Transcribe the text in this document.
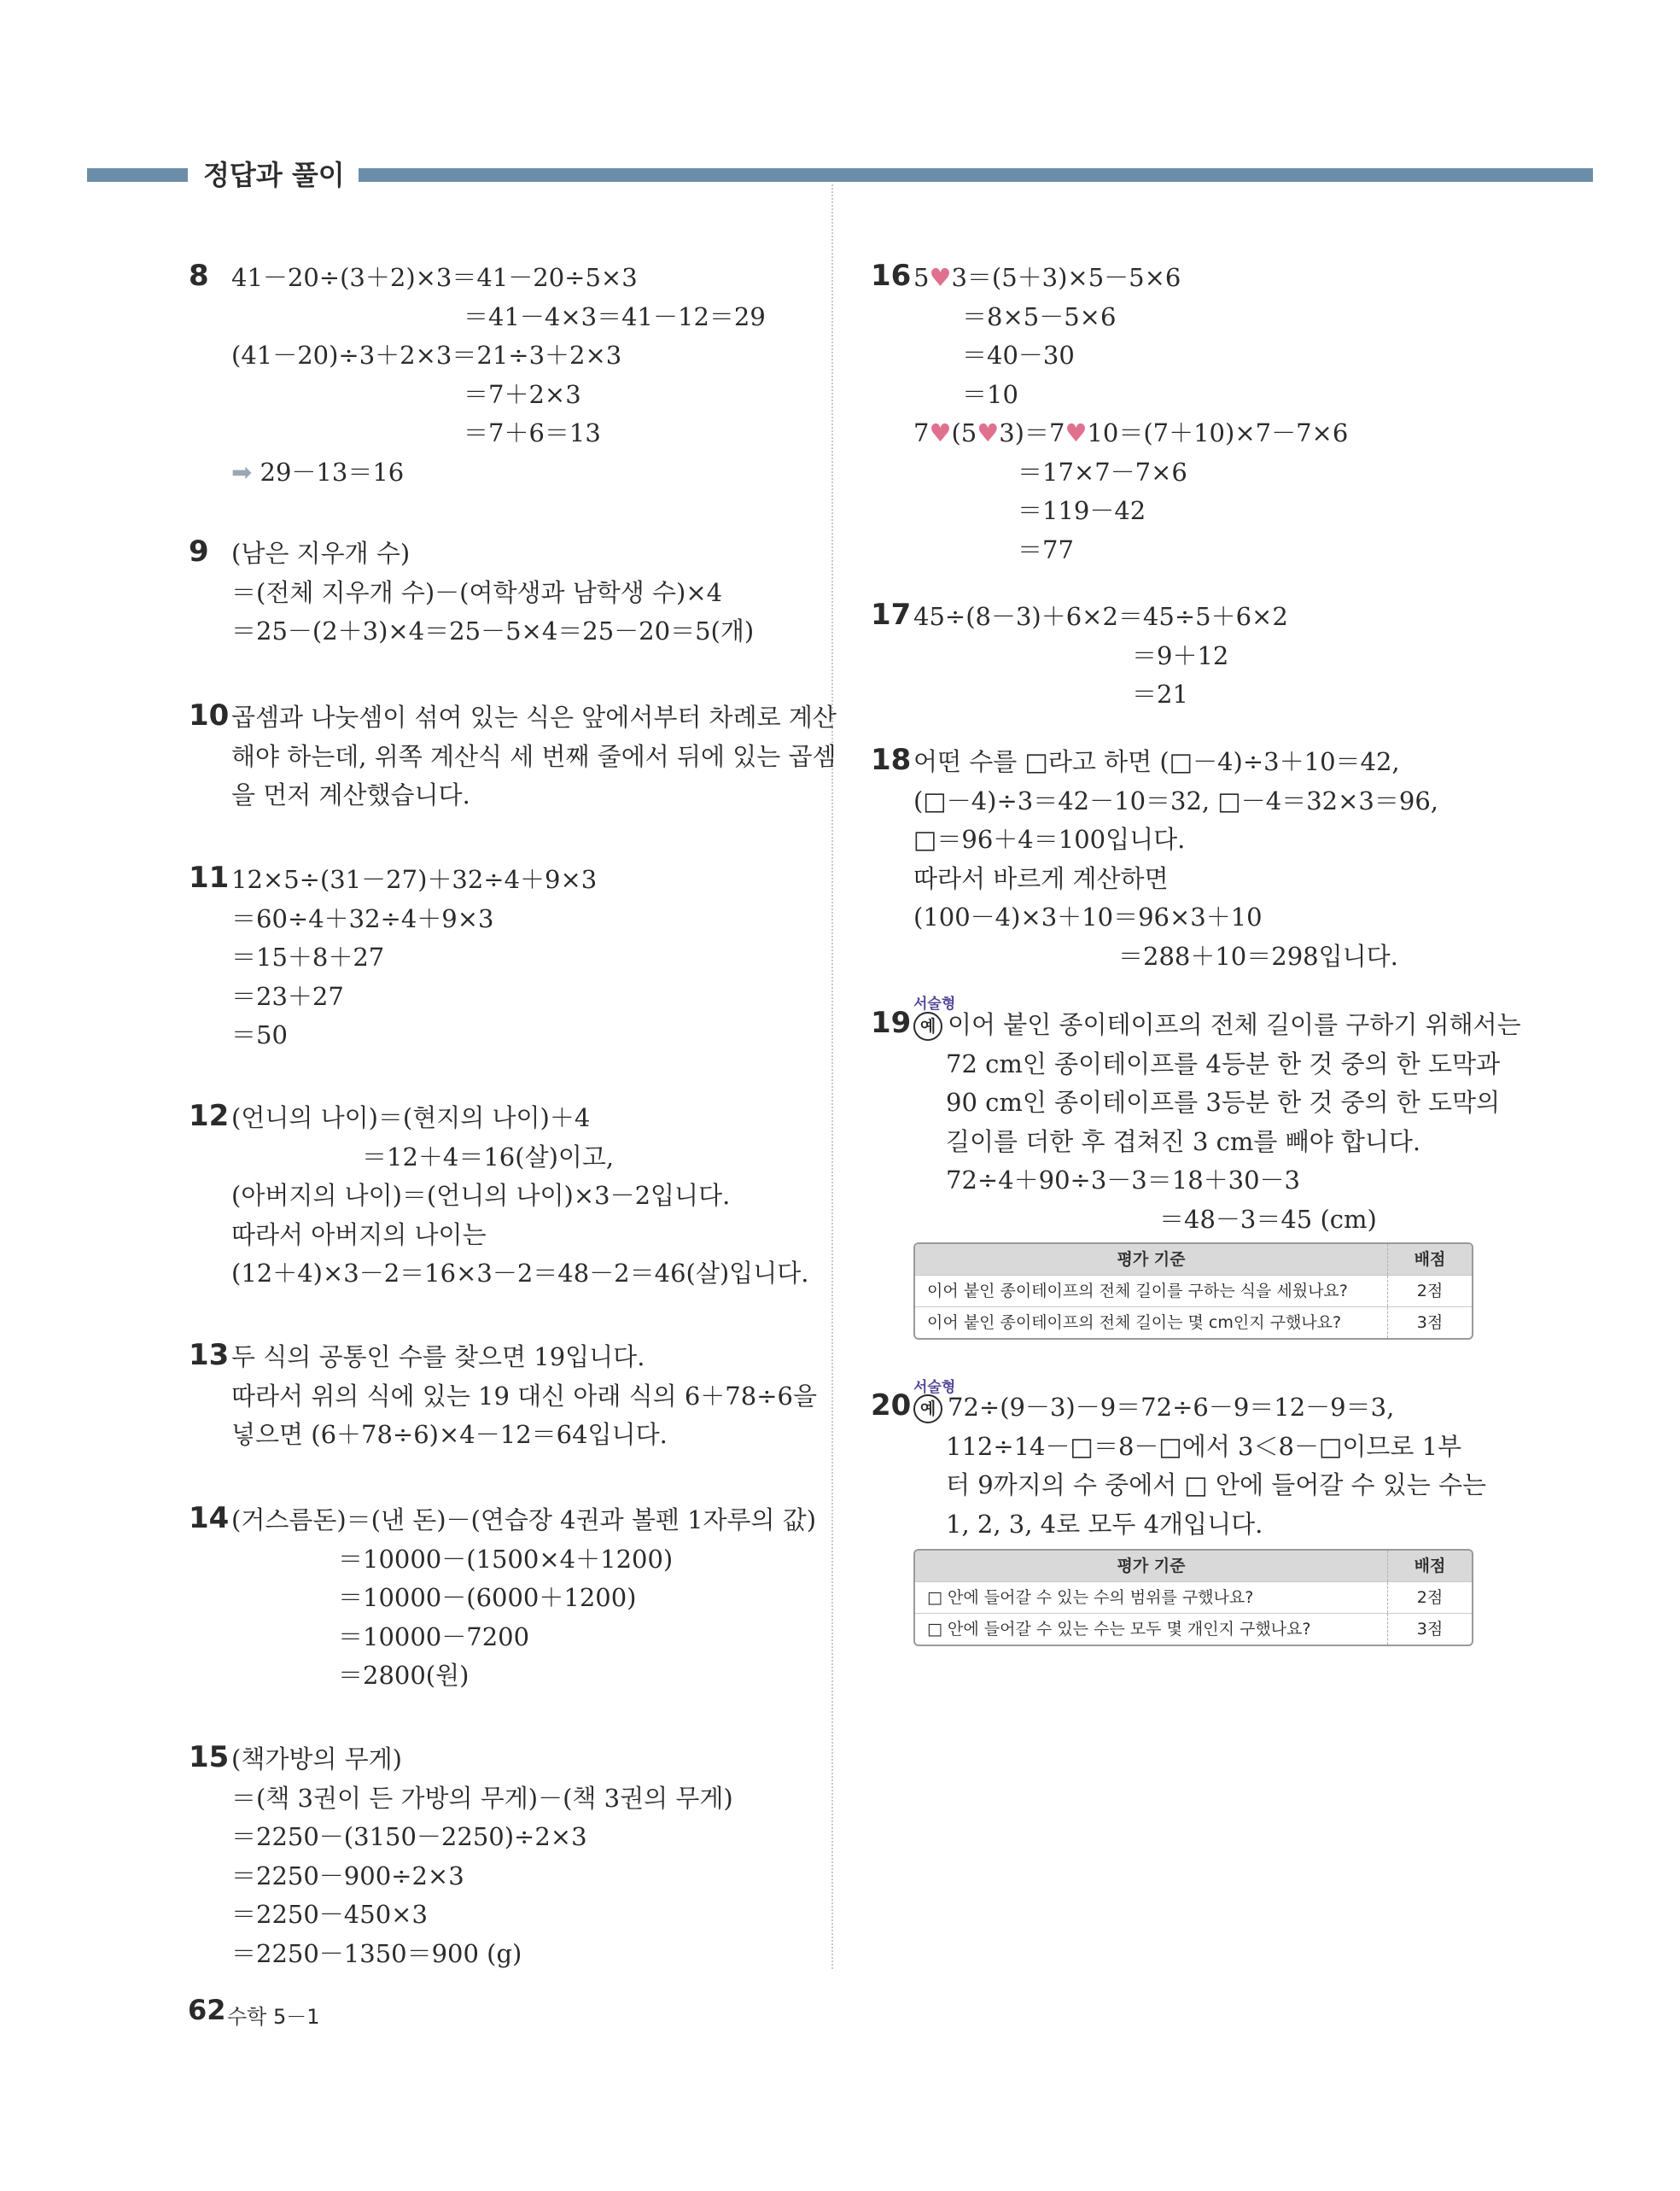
정답과 풀이
8 41－20÷(3＋2)×3＝41－20÷5×3
＝41－4×3＝41－12＝29
(41－20)÷3＋2×3＝21÷3＋2×3
＝7＋2×3
＝7＋6＝13
➡ 29－13＝16
9 (남은 지우개 수)
＝(전체 지우개 수)－(여학생과 남학생 수)×4
＝25－(2＋3)×4＝25－5×4＝25－20＝5(개)
10 곱셈과 나눗셈이 섞여 있는 식은 앞에서부터 차례로 계산
해야 하는데, 위쪽 계산식 세 번째 줄에서 뒤에 있는 곱셈
을 먼저 계산했습니다.
11 12×5÷(31－27)＋32÷4＋9×3
＝60÷4＋32÷4＋9×3
＝15＋8＋27
＝23＋27
＝50
12 (언니의 나이)＝(현지의 나이)＋4
＝12＋4＝16(살)이고,
(아버지의 나이)＝(언니의 나이)×3－2입니다.
따라서 아버지의 나이는
(12＋4)×3－2＝16×3－2＝48－2＝46(살)입니다.
13 두 식의 공통인 수를 찾으면 19입니다.
따라서 위의 식에 있는 19 대신 아래 식의 6＋78÷6을
넣으면 (6＋78÷6)×4－12＝64입니다.
14 (거스름돈)＝(낸 돈)－(연습장 4권과 볼펜 1자루의 값)
＝10000－(1500×4＋1200)
＝10000－(6000＋1200)
＝10000－7200
＝2800(원)
15 (책가방의 무게)
＝(책 3권이 든 가방의 무게)－(책 3권의 무게)
＝2250－(3150－2250)÷2×3
＝2250－900÷2×3
＝2250－450×3
＝2250－1350＝900 (g)
16 5♥3＝(5＋3)×5－5×6
＝8×5－5×6
＝40－30
＝10
7♥(5♥3)＝7♥10＝(7＋10)×7－7×6
＝17×7－7×6
＝119－42
＝77
17 45÷(8－3)＋6×2＝45÷5＋6×2
＝9＋12
＝21
18 어떤 수를 □라고 하면 (□－4)÷3＋10＝42,
(□－4)÷3＝42－10＝32, □－4＝32×3＝96,
□＝96＋4＝100입니다.
따라서 바르게 계산하면
(100－4)×3＋10＝96×3＋10
＝288＋10＝298입니다.
서술형
19 예 이어 붙인 종이테이프의 전체 길이를 구하기 위해서는
72 cm인 종이테이프를 4등분 한 것 중의 한 도막과
90 cm인 종이테이프를 3등분 한 것 중의 한 도막의
길이를 더한 후 겹쳐진 3 cm를 빼야 합니다.
72÷4＋90÷3－3＝18＋30－3
＝48－3＝45 (cm)
평가 기준	배점
이어 붙인 종이테이프의 전체 길이를 구하는 식을 세웠나요?	2점
이어 붙인 종이테이프의 전체 길이는 몇 cm인지 구했나요?	3점
서술형
20 예 72÷(9－3)－9＝72÷6－9＝12－9＝3,
112÷14－□＝8－□에서 3＜8－□이므로 1부
터 9까지의 수 중에서 □ 안에 들어갈 수 있는 수는
1, 2, 3, 4로 모두 4개입니다.
평가 기준	배점
□ 안에 들어갈 수 있는 수의 범위를 구했나요?	2점
□ 안에 들어갈 수 있는 수는 모두 몇 개인지 구했나요?	3점
62 수학 5－1
